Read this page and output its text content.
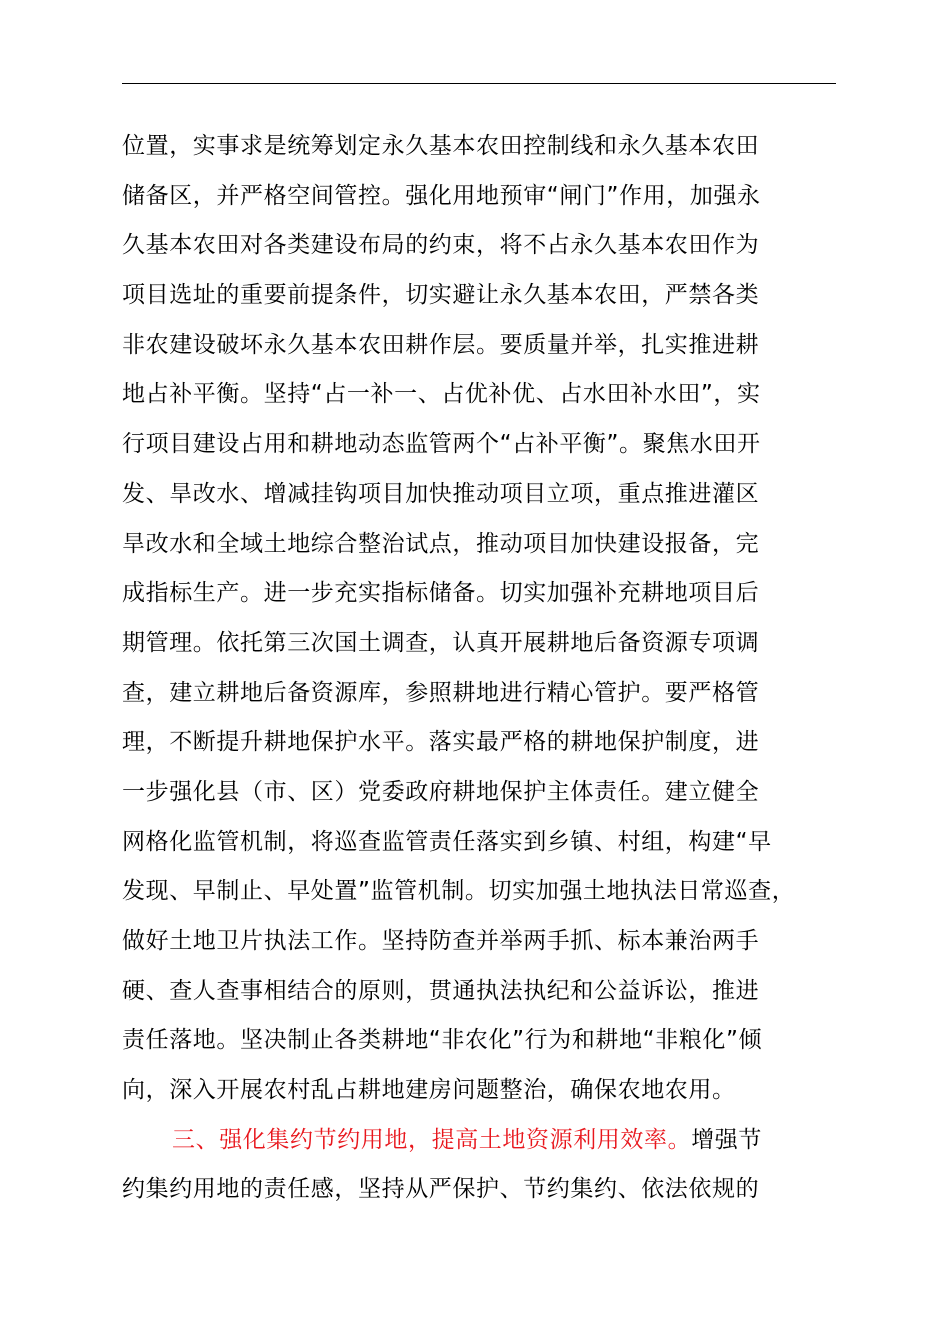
位置，实事求是统筹划定永久基本农田控制线和永久基本农田
储备区，并严格空间管控。强化用地预审“闸门”作用，加强永
久基本农田对各类建设布局的约束，将不占永久基本农田作为
项目选址的重要前提条件，切实避让永久基本农田，严禁各类
非农建设破坏永久基本农田耕作层。要质量并举，扎实推进耕
地占补平衡。坚持“占一补一、占优补优、占水田补水田”，实
行项目建设占用和耕地动态监管两个“占补平衡”。聚焦水田开
发、旱改水、增减挂钩项目加快推动项目立项，重点推进灌区
旱改水和全域土地综合整治试点，推动项目加快建设报备，完
成指标生产。进一步充实指标储备。切实加强补充耕地项目后
期管理。依托第三次国土调查，认真开展耕地后备资源专项调
查，建立耕地后备资源库，参照耕地进行精心管护。要严格管
理，不断提升耕地保护水平。落实最严格的耕地保护制度，进
一步强化县（市、区）党委政府耕地保护主体责任。建立健全
网格化监管机制，将巡查监管责任落实到乡镇、村组，构建“早
发现、早制止、早处置”监管机制。切实加强土地执法日常巡查，
做好土地卫片执法工作。坚持防查并举两手抓、标本兼治两手
硬、查人查事相结合的原则，贯通执法执纪和公益诉讼，推进
责任落地。坚决制止各类耕地“非农化”行为和耕地“非粮化”倾
向，深入开展农村乱占耕地建房问题整治，确保农地农用。
三、强化集约节约用地，提高土地资源利用效率。增强节
约集约用地的责任感，坚持从严保护、节约集约、依法依规的
